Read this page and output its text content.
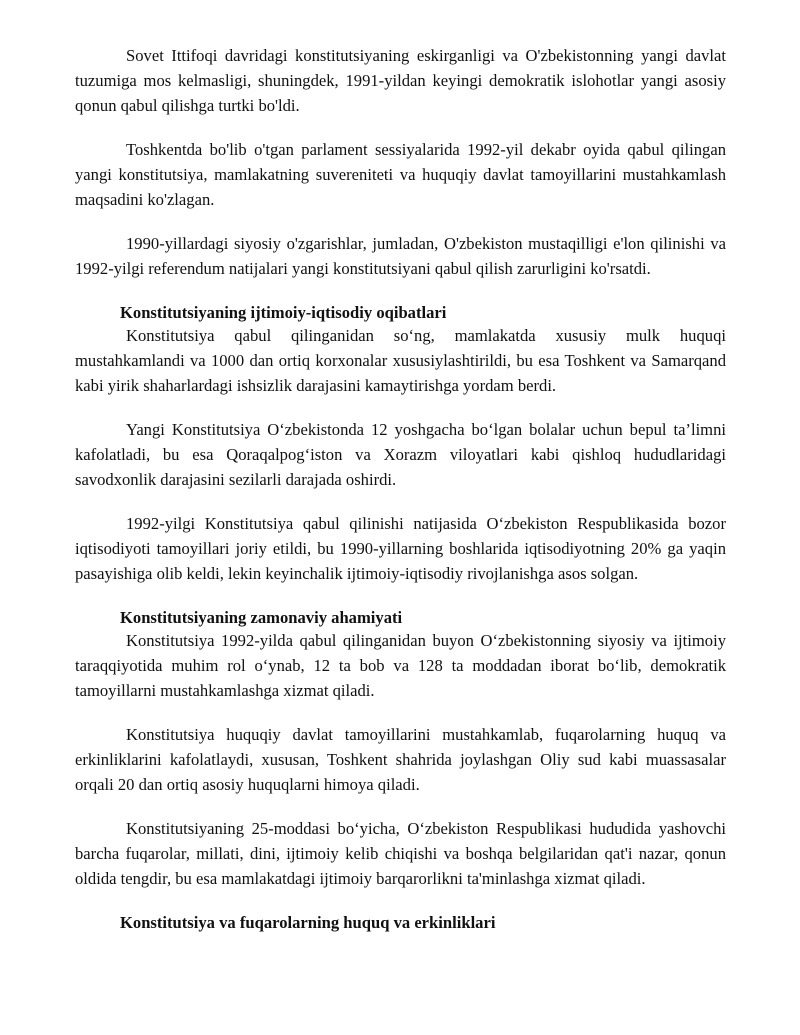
Sovet Ittifoqi davridagi konstitutsiyaning eskirganligi va O'zbekistonning yangi davlat tuzumiga mos kelmasligi, shuningdek, 1991-yildan keyingi demokratik islohotlar yangi asosiy qonun qabul qilishga turtki bo'ldi.

Toshkentda bo'lib o'tgan parlament sessiyalarida 1992-yil dekabr oyida qabul qilingan yangi konstitutsiya, mamlakatning suvereniteti va huquqiy davlat tamoyillarini mustahkamlash maqsadini ko'zlagan.

1990-yillardagi siyosiy o'zgarishlar, jumladan, O'zbekiston mustaqilligi e'lon qilinishi va 1992-yilgi referendum natijalari yangi konstitutsiyani qabul qilish zarurligini ko'rsatdi.

Konstitutsiyaning ijtimoiy-iqtisodiy oqibatlari

Konstitutsiya qabul qilinganidan so‘ng, mamlakatda xususiy mulk huquqi mustahkamlandi va 1000 dan ortiq korxonalar xususiylashtirildi, bu esa Toshkent va Samarqand kabi yirik shaharlardagi ishsizlik darajasini kamaytirishga yordam berdi.

Yangi Konstitutsiya O‘zbekistonda 12 yoshgacha bo‘lgan bolalar uchun bepul ta’limni kafolatladi, bu esa Qoraqalpog‘iston va Xorazm viloyatlari kabi qishloq hududlaridagi savodxonlik darajasini sezilarli darajada oshirdi.

1992-yilgi Konstitutsiya qabul qilinishi natijasida O‘zbekiston Respublikasida bozor iqtisodiyoti tamoyillari joriy etildi, bu 1990-yillarning boshlarida iqtisodiyotning 20% ga yaqin pasayishiga olib keldi, lekin keyinchalik ijtimoiy-iqtisodiy rivojlanishga asos solgan.

Konstitutsiyaning zamonaviy ahamiyati

Konstitutsiya 1992-yilda qabul qilinganidan buyon O‘zbekistonning siyosiy va ijtimoiy taraqqiyotida muhim rol o‘ynab, 12 ta bob va 128 ta moddadan iborat bo‘lib, demokratik tamoyillarni mustahkamlashga xizmat qiladi.

Konstitutsiya huquqiy davlat tamoyillarini mustahkamlab, fuqarolarning huquq va erkinliklarini kafolatlaydi, xususan, Toshkent shahrida joylashgan Oliy sud kabi muassasalar orqali 20 dan ortiq asosiy huquqlarni himoya qiladi.

Konstitutsiyaning 25-moddasi bo‘yicha, O‘zbekiston Respublikasi hududida yashovchi barcha fuqarolar, millati, dini, ijtimoiy kelib chiqishi va boshqa belgilaridan qat'i nazar, qonun oldida tengdir, bu esa mamlakatdagi ijtimoiy barqarorlikni ta'minlashga xizmat qiladi.

Konstitutsiya va fuqarolarning huquq va erkinliklari
